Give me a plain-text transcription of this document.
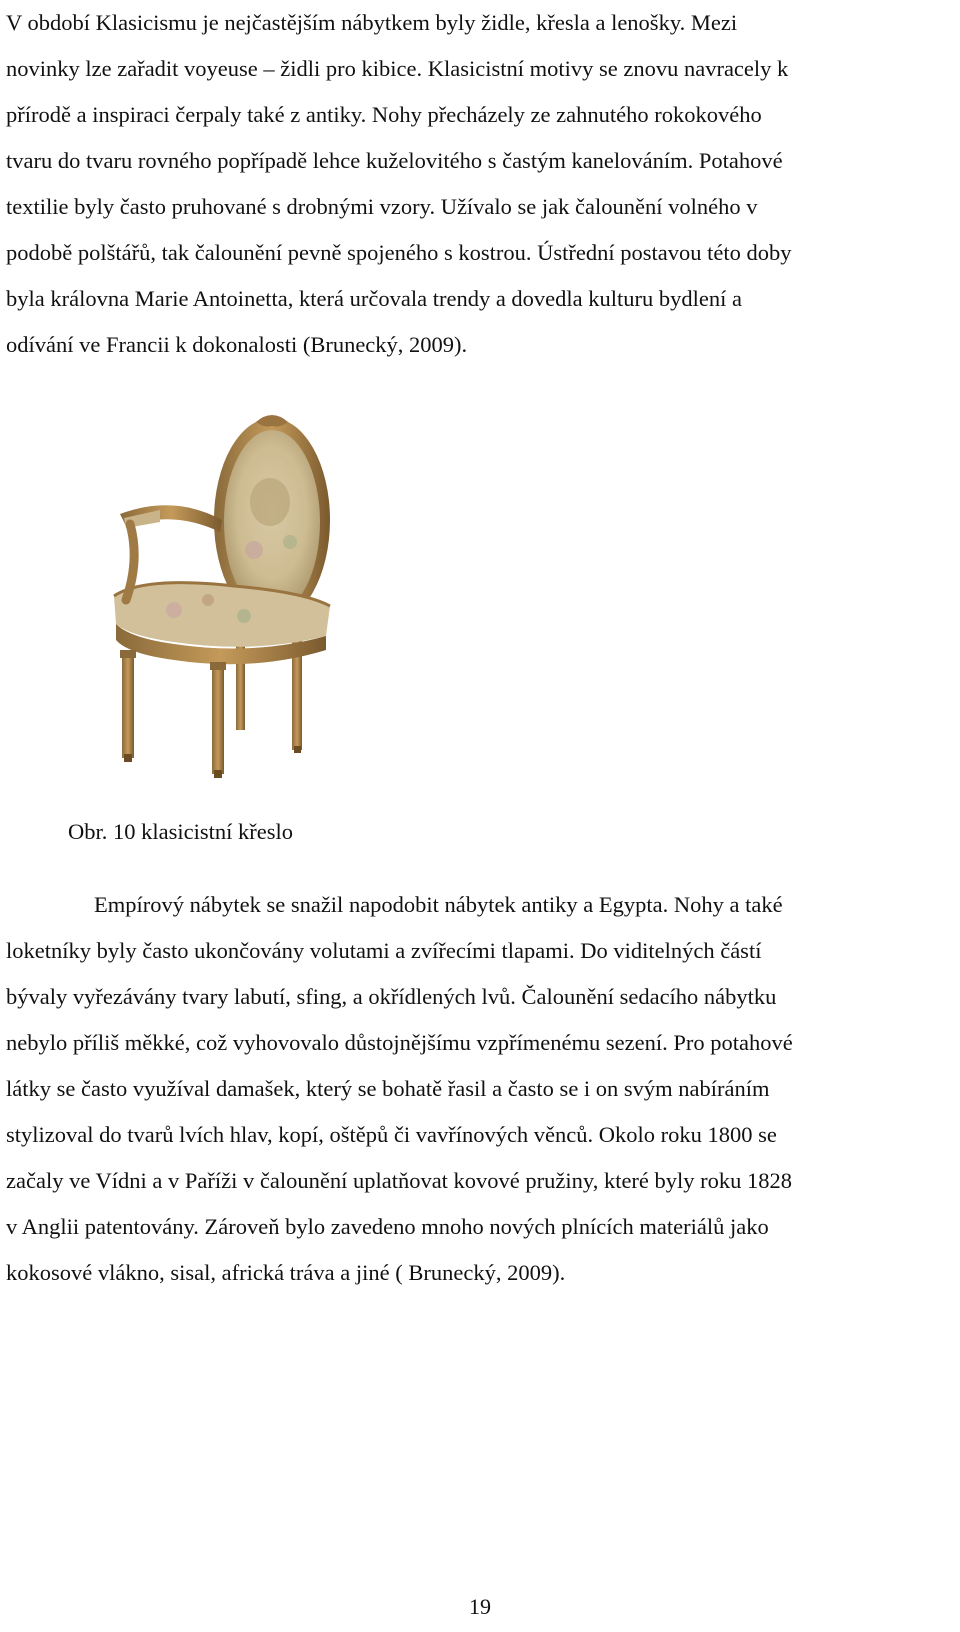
V období Klasicismu je nejčastějším nábytkem byly židle, křesla a lenošky. Mezi
novinky lze zařadit voyeuse – židli pro kibice. Klasicistní motivy se znovu navracely k
přírodě a inspiraci čerpaly také z antiky. Nohy přecházely ze zahnutého rokokového
tvaru do tvaru rovného popřípadě lehce kuželovitého s častým kanelováním. Potahové
textilie byly často pruhované s drobnými vzory. Užívalo se jak čalounění volného v
podobě polštářů, tak čalounění pevně spojeného s kostrou. Ústřední postavou této doby
byla královna Marie Antoinetta, která určovala trendy a dovedla kulturu bydlení a
odívání ve Francii k dokonalosti (Brunecký, 2009).

Obr. 10 klasicistní křeslo

Empírový nábytek se snažil napodobit nábytek antiky a Egypta. Nohy a také
loketníky byly často ukončovány volutami a zvířecími tlapami. Do viditelných částí
bývaly vyřezávány tvary labutí, sfing, a okřídlených lvů. Čalounění sedacího nábytku
nebylo příliš měkké, což vyhovovalo důstojnějšímu vzpřímenému sezení. Pro potahové
látky se často využíval damašek, který se bohatě řasil a často se i on svým nabíráním
stylizoval do tvarů lvích hlav, kopí, oštěpů či vavřínových věnců. Okolo roku 1800 se
začaly ve Vídni a v Paříži v čalounění uplatňovat kovové pružiny, které byly roku 1828
v Anglii patentovány. Zároveň bylo zavedeno mnoho nových plnících materiálů jako
kokosové vlákno, sisal, africká tráva a jiné ( Brunecký, 2009).
19
